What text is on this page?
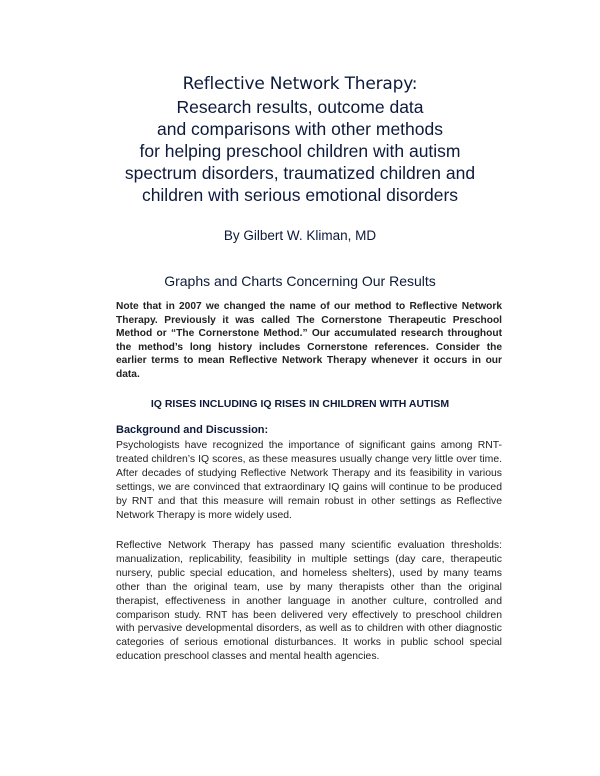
Reflective Network Therapy:
Research results, outcome data
and comparisons with other methods
for helping preschool children with autism
spectrum disorders, traumatized children and
children with serious emotional disorders
By Gilbert W. Kliman, MD
Graphs and Charts Concerning Our Results
Note that in 2007 we changed the name of our method to Reflective Network Therapy. Previously it was called The Cornerstone Therapeutic Preschool Method or “The Cornerstone Method.” Our accumulated research throughout the method’s long history includes Cornerstone references. Consider the earlier terms to mean Reflective Network Therapy whenever it occurs in our data.
IQ RISES INCLUDING IQ RISES IN CHILDREN WITH AUTISM
Background and Discussion:
Psychologists have recognized the importance of significant gains among RNT-treated children’s IQ scores, as these measures usually change very little over time. After decades of studying Reflective Network Therapy and its feasibility in various settings, we are convinced that extraordinary IQ gains will continue to be produced by RNT and that this measure will remain robust in other settings as Reflective Network Therapy is more widely used.
Reflective Network Therapy has passed many scientific evaluation thresholds: manualization, replicability, feasibility in multiple settings (day care, therapeutic nursery, public special education, and homeless shelters), used by many teams other than the original team, use by many therapists other than the original therapist, effectiveness in another language in another culture, controlled and comparison study. RNT has been delivered very effectively to preschool children with pervasive developmental disorders, as well as to children with other diagnostic categories of serious emotional disturbances. It works in public school special education preschool classes and mental health agencies.
